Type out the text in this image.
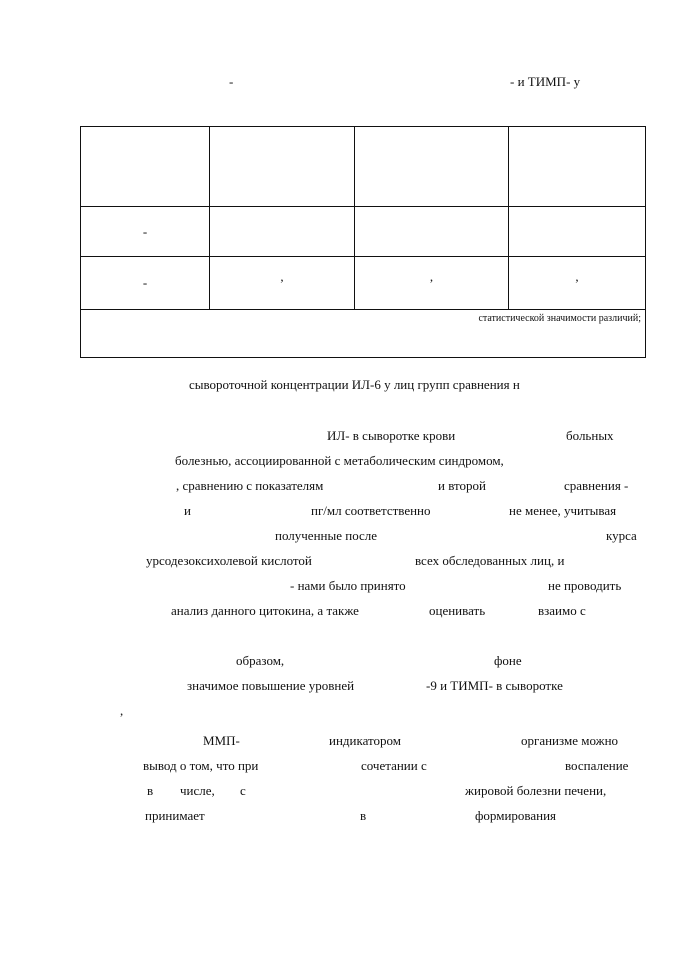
-	- и ТИМП- у

-			
-	,	,	,
статистической значимости различий;			
сывороточной концентрации ИЛ-6 у лиц групп сравнения н
ИЛ- в сыворотке крови	больных
болезнью, ассоциированной с метаболическим синдромом,
, сравнению с показателям	и второй	сравнения -
и	пг/мл соответственно	не менее, учитывая
полученные после	курса
урсодезоксихолевой кислотой	всех обследованных лиц, и
- нами было принято	не проводить
анализ данного цитокина, а также	оценивать	взаимо с
образом,	фоне
значимое повышение уровней	-9 и ТИМП- в сыворотке
,
ММП-	индикатором	организме можно
вывод о том, что при	сочетании с	воспаление
в числе, с	жировой болезни печени,
принимает	в	формирования
